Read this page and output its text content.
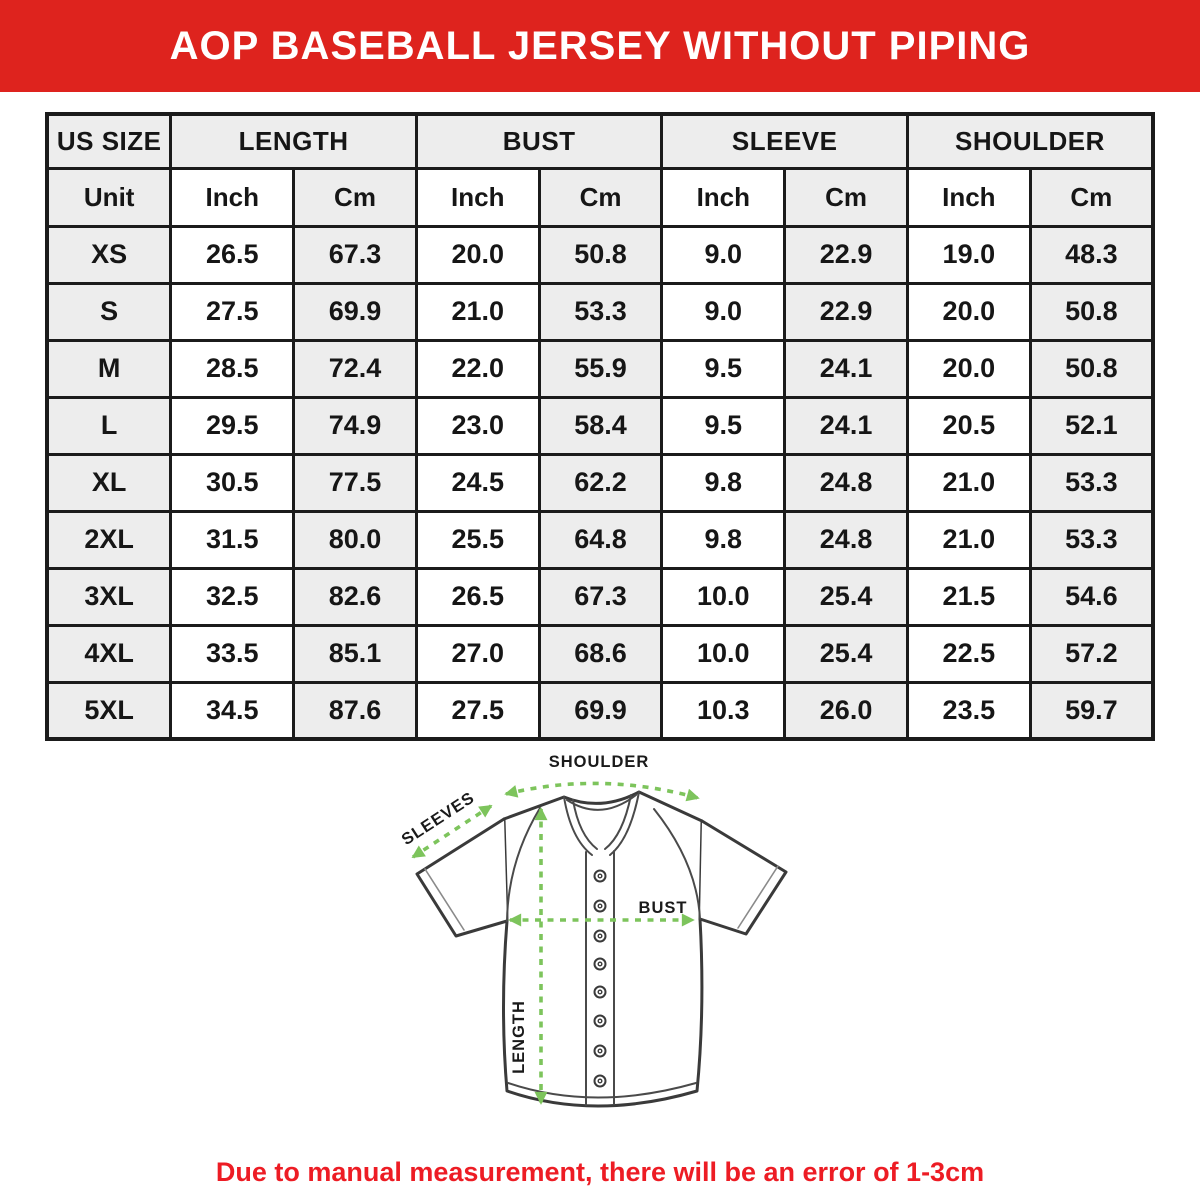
AOP BASEBALL JERSEY WITHOUT PIPING
US SIZE	LENGTH		BUST		SLEEVE		SHOULDER	
Unit	Inch	Cm	Inch	Cm	Inch	Cm	Inch	Cm
XS	26.5	67.3	20.0	50.8	9.0	22.9	19.0	48.3
S	27.5	69.9	21.0	53.3	9.0	22.9	20.0	50.8
M	28.5	72.4	22.0	55.9	9.5	24.1	20.0	50.8
L	29.5	74.9	23.0	58.4	9.5	24.1	20.5	52.1
XL	30.5	77.5	24.5	62.2	9.8	24.8	21.0	53.3
2XL	31.5	80.0	25.5	64.8	9.8	24.8	21.0	53.3
3XL	32.5	82.6	26.5	67.3	10.0	25.4	21.5	54.6
4XL	33.5	85.1	27.0	68.6	10.0	25.4	22.5	57.2
5XL	34.5	87.6	27.5	69.9	10.3	26.0	23.5	59.7
SHOULDER
SLEEVES
BUST
LENGTH
Due to manual measurement, there will be an error of 1-3cm
